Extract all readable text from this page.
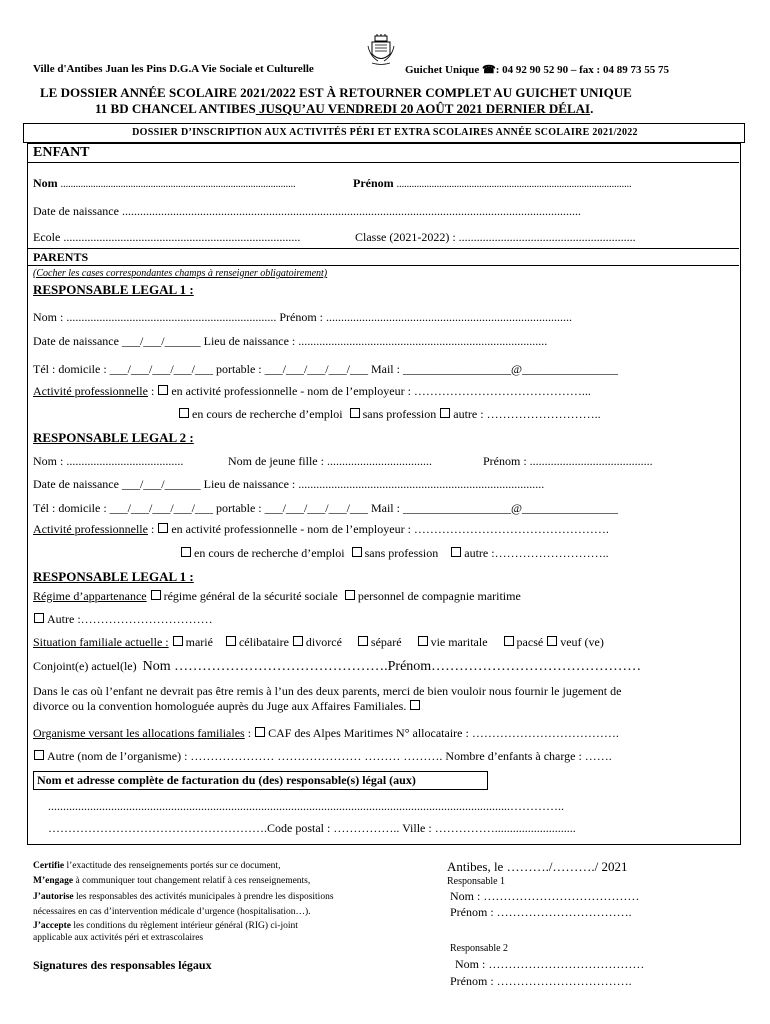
Ville d'Antibes Juan les Pins D.G.A Vie Sociale et Culturelle	Guichet Unique ☎: 04 92 90 52 90 – fax : 04 89 73 55 75
LE DOSSIER ANNÉE SCOLAIRE 2021/2022 EST À RETOURNER COMPLET AU GUICHET UNIQUE
11 BD CHANCEL ANTIBES JUSQU’AU VENDREDI 20 AOÛT 2021 DERNIER DÉLAI.
DOSSIER D’INSCRIPTION AUX ACTIVITÉS PÉRI ET EXTRA SCOLAIRES ANNÉE SCOLAIRE 2021/2022
ENFANT
Nom ..............................................................................................	Prénom ..............................................................................................
Date de naissance .........................................................................................................................................................
Ecole ...............................................................................	Classe (2021-2022) : ...........................................................
PARENTS
(Cocher les cases correspondantes champs à renseigner obligatoirement)
RESPONSABLE LEGAL 1 :
Nom : ...................................................................... Prénom : ..................................................................................
Date de naissance ___/___/______ Lieu de naissance : ...................................................................................
Tél : domicile : ___/___/___/___/___ portable : ___/___/___/___/___ Mail : __________________@________________
Activité professionnelle : en activité professionnelle - nom de l’employeur : ……………………………………...
en cours de recherche d’emploi sans profession autre : ………………………..
RESPONSABLE LEGAL 2 :
Nom : .......................................	Nom de jeune fille : ...................................	Prénom : .........................................
Date de naissance ___/___/______ Lieu de naissance : ..................................................................................
Tél : domicile : ___/___/___/___/___ portable : ___/___/___/___/___ Mail : __________________@________________
Activité professionnelle : en activité professionnelle - nom de l’employeur : ………………………………………….
en cours de recherche d’emploi sans profession autre :………………………..
RESPONSABLE LEGAL 1 :
Régime d’appartenance régime général de la sécurité sociale personnel de compagnie maritime
Autre :……………………………
Situation familiale actuelle : marié célibataire divorcé séparé vie maritale pacsé veuf (ve)
Conjoint(e) actuel(le) Nom ……………………………………….Prénom………………………………………
Dans le cas où l’enfant ne devrait pas être remis à l’un des deux parents, merci de bien vouloir nous fournir le jugement de
divorce ou la convention homologuée auprès du Juge aux Affaires Familiales.
Organisme versant les allocations familiales : CAF des Alpes Maritimes N° allocataire : ……………………………….
Autre (nom de l’organisme) : ………………… ………………… ……… ………. Nombre d’enfants à charge : …….
Nom et adresse complète de facturation du (des) responsable(s) légal (aux)
..........................................................................................................................................................…………..
……………………………………………….Code postal : …………….. Ville : ……………...........................
Certifie l’exactitude des renseignements portés sur ce document,
M’engage à communiquer tout changement relatif à ces renseignements,
J’autorise les responsables des activités municipales à prendre les dispositions
nécessaires en cas d’intervention médicale d’urgence (hospitalisation…).
J’accepte les conditions du règlement intérieur général (RIG) ci-joint
applicable aux activités péri et extrascolaires
Signatures des responsables légaux
Antibes, le ………./………./ 2021
Responsable 1
Nom : …………………………………
Prénom : …………………………….
Responsable 2
Nom : …………………………………
Prénom : …………………………….
